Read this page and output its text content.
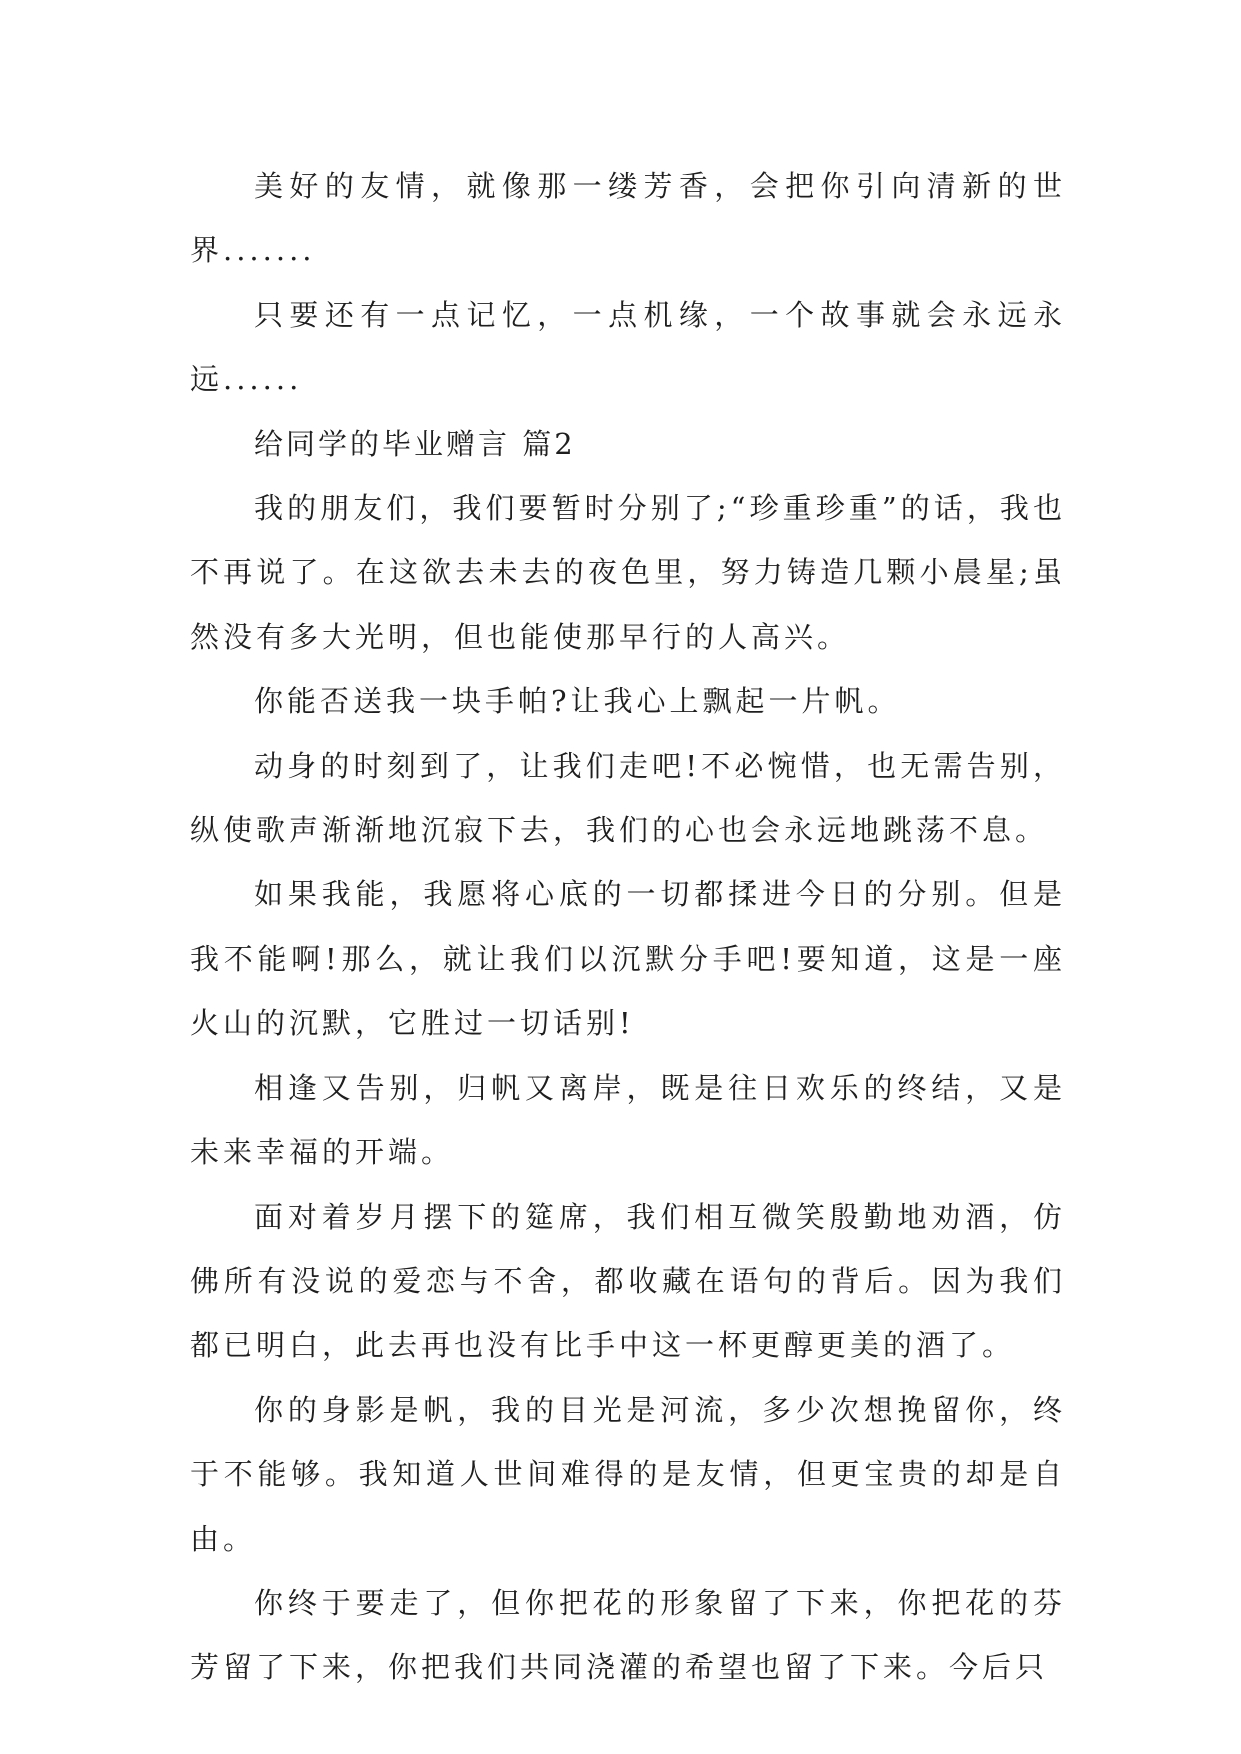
美好的友情，就像那一缕芳香，会把你引向清新的世界.......

只要还有一点记忆，一点机缘，一个故事就会永远永远......

给同学的毕业赠言 篇2

我的朋友们，我们要暂时分别了;“珍重珍重”的话，我也不再说了。在这欲去未去的夜色里，努力铸造几颗小晨星;虽然没有多大光明，但也能使那早行的人高兴。

你能否送我一块手帕?让我心上飘起一片帆。

动身的时刻到了，让我们走吧!不必惋惜，也无需告别，纵使歌声渐渐地沉寂下去，我们的心也会永远地跳荡不息。

如果我能，我愿将心底的一切都揉进今日的分别。但是我不能啊!那么，就让我们以沉默分手吧!要知道，这是一座火山的沉默，它胜过一切话别!

相逢又告别，归帆又离岸，既是往日欢乐的终结，又是未来幸福的开端。

面对着岁月摆下的筵席，我们相互微笑殷勤地劝酒，仿佛所有没说的爱恋与不舍，都收藏在语句的背后。因为我们都已明白，此去再也没有比手中这一杯更醇更美的酒了。

你的身影是帆，我的目光是河流，多少次想挽留你，终于不能够。我知道人世间难得的是友情，但更宝贵的却是自由。

你终于要走了，但你把花的形象留了下来，你把花的芬芳留了下来，你把我们共同浇灌的希望也留了下来。今后只
